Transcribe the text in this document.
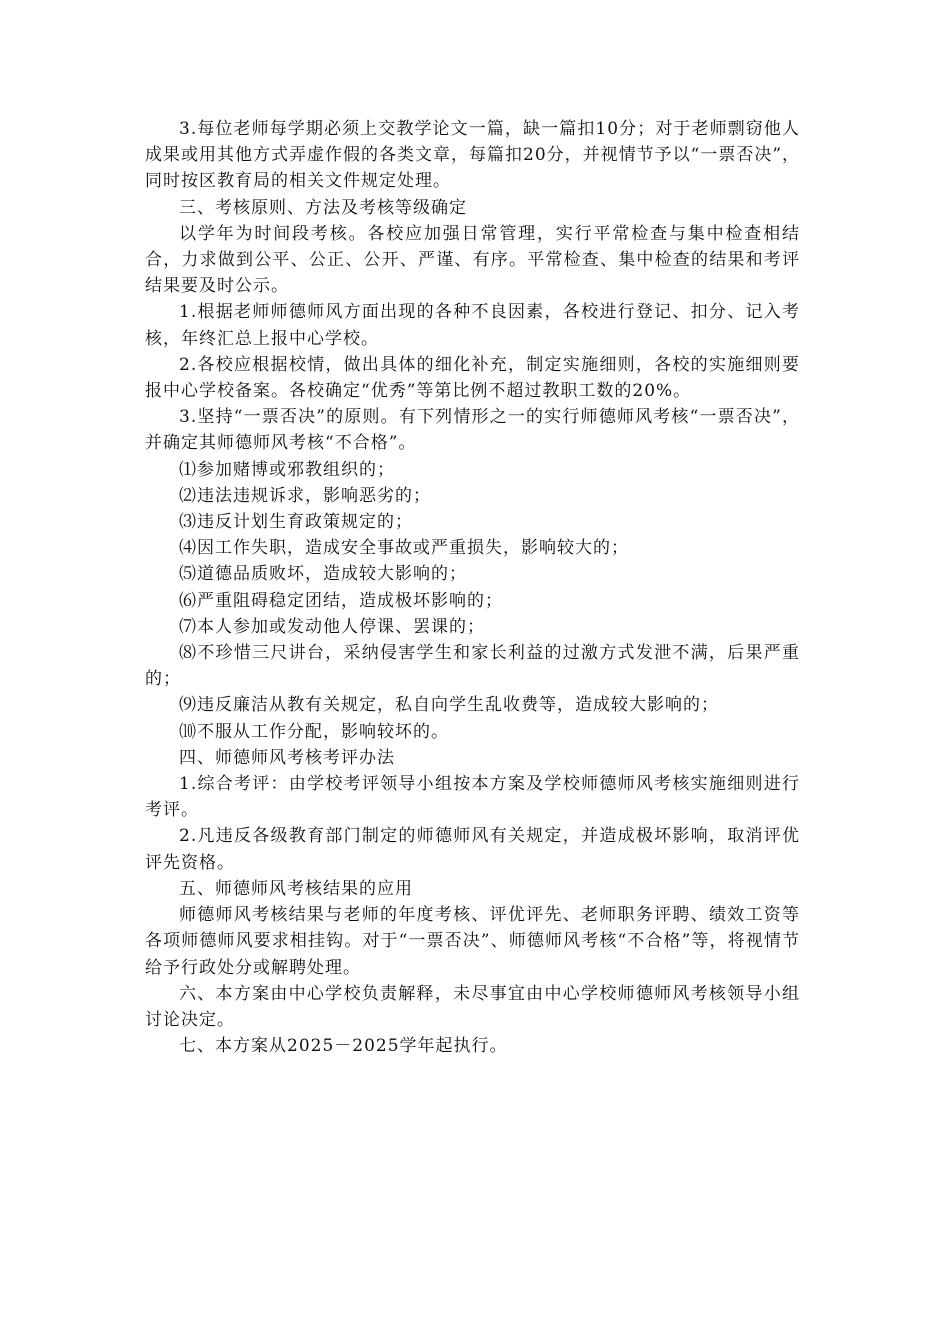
3.每位老师每学期必须上交教学论文一篇，缺一篇扣10分；对于老师剽窃他人成果或用其他方式弄虚作假的各类文章，每篇扣20分，并视情节予以“一票否决”，同时按区教育局的相关文件规定处理。

三、考核原则、方法及考核等级确定

以学年为时间段考核。各校应加强日常管理，实行平常检查与集中检查相结合，力求做到公平、公正、公开、严谨、有序。平常检查、集中检查的结果和考评结果要及时公示。

1.根据老师师德师风方面出现的各种不良因素，各校进行登记、扣分、记入考核，年终汇总上报中心学校。

2.各校应根据校情，做出具体的细化补充，制定实施细则，各校的实施细则要报中心学校备案。各校确定“优秀”等第比例不超过教职工数的20%。

3.坚持“一票否决”的原则。有下列情形之一的实行师德师风考核“一票否决”，并确定其师德师风考核“不合格”。

⑴参加赌博或邪教组织的；

⑵违法违规诉求，影响恶劣的；

⑶违反计划生育政策规定的；

⑷因工作失职，造成安全事故或严重损失，影响较大的；

⑸道德品质败坏，造成较大影响的；

⑹严重阻碍稳定团结，造成极坏影响的；

⑺本人参加或发动他人停课、罢课的；

⑻不珍惜三尺讲台，采纳侵害学生和家长利益的过激方式发泄不满，后果严重的；

⑼违反廉洁从教有关规定，私自向学生乱收费等，造成较大影响的；

⑽不服从工作分配，影响较坏的。

四、师德师风考核考评办法

1.综合考评：由学校考评领导小组按本方案及学校师德师风考核实施细则进行考评。

2.凡违反各级教育部门制定的师德师风有关规定，并造成极坏影响，取消评优评先资格。

五、师德师风考核结果的应用

师德师风考核结果与老师的年度考核、评优评先、老师职务评聘、绩效工资等各项师德师风要求相挂钩。对于“一票否决”、师德师风考核“不合格”等，将视情节给予行政处分或解聘处理。

六、本方案由中心学校负责解释，未尽事宜由中心学校师德师风考核领导小组讨论决定。

七、本方案从2025－2025学年起执行。
